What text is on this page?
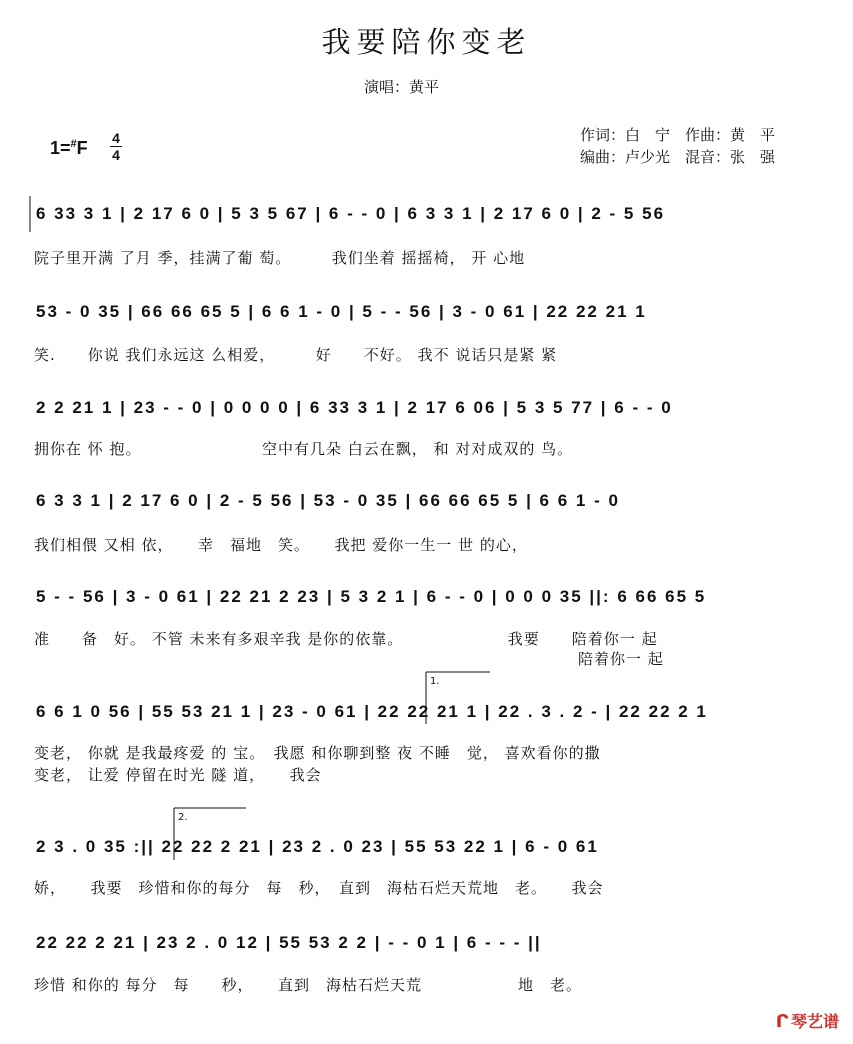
我要陪你变老
演唱：黄平
1=#F 4
4
作词：白　宁　作曲：黄　平
编曲：卢少光　混音：张　强
6 33 3 1 | 2 17 6 0 | 5 3 5 67 | 6 - - 0 | 6 3 3 1 | 2 17 6 0 | 2 - 5 56
院子里开满 了月 季，挂满了葡 萄。　　　我们坐着 摇摇椅， 开 心地
53 - 0 35 | 66 66 65 5 | 6 6 1 - 0 | 5 - - 56 | 3 - 0 61 | 22 22 21 1
笑.　　你说 我们永远这 么相爱，　　　好　　不好。 我不 说话只是紧 紧
2 2 21 1 | 23 - - 0 | 0 0 0 0 | 6 33 3 1 | 2 17 6 06 | 5 3 5 77 | 6 - - 0
拥你在 怀 抱。　　　　　　　　空中有几朵 白云在飘， 和 对对成双的 鸟。
6 3 3 1 | 2 17 6 0 | 2 - 5 56 | 53 - 0 35 | 66 66 65 5 | 6 6 1 - 0
我们相偎 又相 依，　　幸　福地　笑。　　我把 爱你一生一 世 的心，
5 - - 56 | 3 - 0 61 | 22 21 2 23 | 5 3 2 1 | 6 - - 0 | 0 0 0 35 ||: 6 66 65 5
准　　备　好。 不管 未来有多艰辛我 是你的依靠。　　　　　　　我要　　陪着你一 起
　　　　　　　　　　　　　　　　　　　　　　　　　　　　　　　　　　陪着你一 起
1.
6 6 1 0 56 | 55 53 21 1 | 23 - 0 61 | 22 22 21 1 | 22 . 3 . 2 - | 22 22 2 1
变老， 你就 是我最疼爱 的 宝。　我愿 和你聊到整 夜 不睡　觉， 喜欢看你的撒
变老， 让爱 停留在时光 隧 道，　　我会
2.
2 3 . 0 35 :|| 22 22 2 21 | 23 2 . 0 23 | 55 53 22 1 | 6 - 0 61
娇，　　我要　珍惜和你的每分　每　秒，　直到　海枯石烂天荒地　老。　　我会
22 22 2 21 | 23 2 . 0 12 | 55 53 2 2 | - - 0 1 | 6 - - - ||
珍惜 和你的 每分　每　　秒，　　直到　海枯石烂天荒　　　　　　地　老。
ᒋ 琴艺谱
